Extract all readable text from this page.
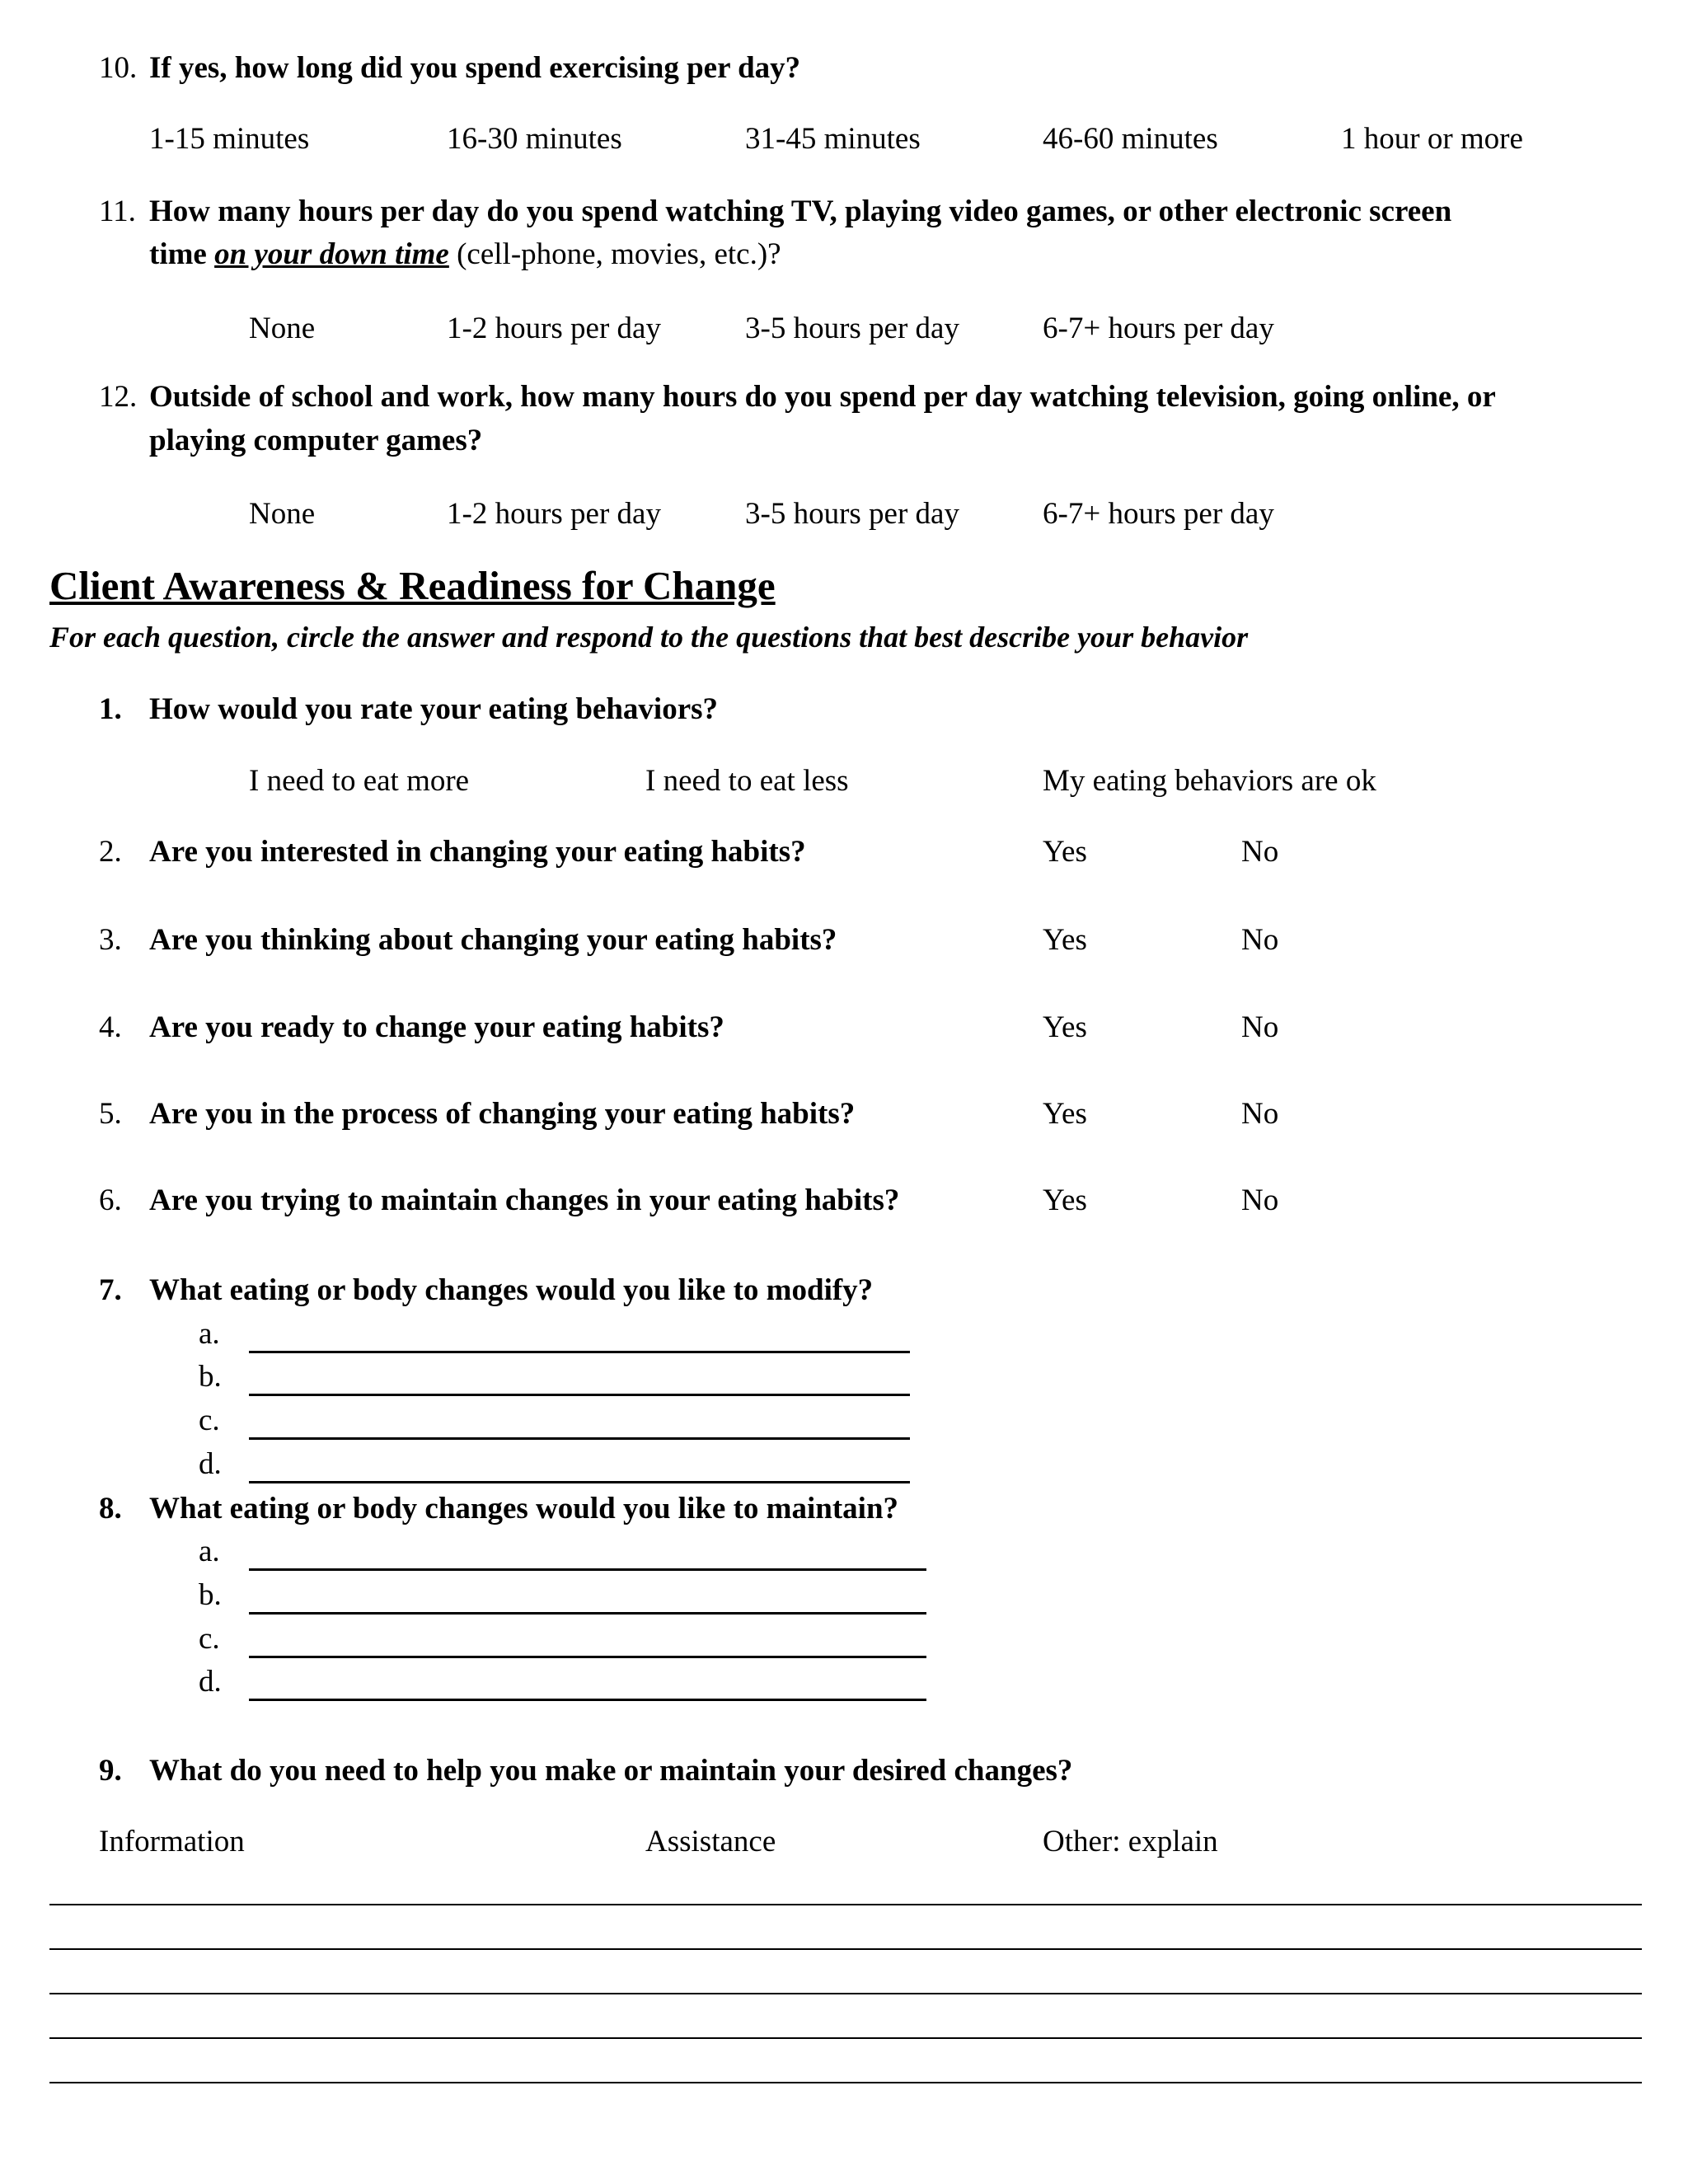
10. If yes, how long did you spend exercising per day?
1-15 minutes	16-30 minutes	31-45 minutes	46-60 minutes	1 hour or more
11. How many hours per day do you spend watching TV, playing video games, or other electronic screen
time on your down time (cell-phone, movies, etc.)?
None	1-2 hours per day	3-5 hours per day	6-7+ hours per day
12. Outside of school and work, how many hours do you spend per day watching television, going online, or
playing computer games?
None	1-2 hours per day	3-5 hours per day	6-7+ hours per day
Client Awareness & Readiness for Change
For each question, circle the answer and respond to the questions that best describe your behavior
1. How would you rate your eating behaviors?
I need to eat more	I need to eat less	My eating behaviors are ok
2. Are you interested in changing your eating habits?	Yes	No
3. Are you thinking about changing your eating habits?	Yes	No
4. Are you ready to change your eating habits?	Yes	No
5. Are you in the process of changing your eating habits?	Yes	No
6. Are you trying to maintain changes in your eating habits?	Yes	No
7. What eating or body changes would you like to modify?
a.
b.
c.
d.
8. What eating or body changes would you like to maintain?
a.
b.
c.
d.
9. What do you need to help you make or maintain your desired changes?
Information	Assistance	Other: explain
